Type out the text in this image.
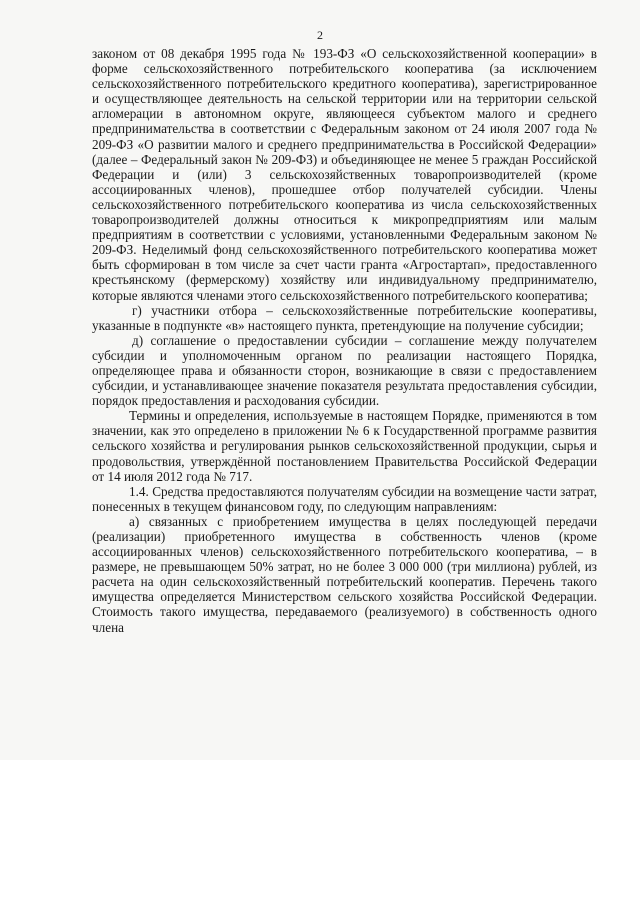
2

законом от 08 декабря 1995 года № 193-ФЗ «О сельскохозяйственной кооперации» в форме сельскохозяйственного потребительского кооператива (за исключением сельскохозяйственного потребительского кредитного кооператива), зарегистрированное и осуществляющее деятельность на сельской территории или на территории сельской агломерации в автономном округе, являющееся субъектом малого и среднего предпринимательства в соответствии с Федеральным законом от 24 июля 2007 года № 209-ФЗ «О развитии малого и среднего предпринимательства в Российской Федерации» (далее – Федеральный закон № 209-ФЗ) и объединяющее не менее 5 граждан Российской Федерации и (или) 3 сельскохозяйственных товаропроизводителей (кроме ассоциированных членов), прошедшее отбор получателей субсидии. Члены сельскохозяйственного потребительского кооператива из числа сельскохозяйственных товаропроизводителей должны относиться к микропредприятиям или малым предприятиям в соответствии с условиями, установленными Федеральным законом № 209-ФЗ. Неделимый фонд сельскохозяйственного потребительского кооператива может быть сформирован в том числе за счет части гранта «Агростартап», предоставленного крестьянскому (фермерскому) хозяйству или индивидуальному предпринимателю, которые являются членами этого сельскохозяйственного потребительского кооператива;

г) участники отбора – сельскохозяйственные потребительские кооперативы, указанные в подпункте «в» настоящего пункта, претендующие на получение субсидии;

д) соглашение о предоставлении субсидии – соглашение между получателем субсидии и уполномоченным органом по реализации настоящего Порядка, определяющее права и обязанности сторон, возникающие в связи с предоставлением субсидии, и устанавливающее значение показателя результата предоставления субсидии, порядок предоставления и расходования субсидии.

Термины и определения, используемые в настоящем Порядке, применяются в том значении, как это определено в приложении № 6 к Государственной программе развития сельского хозяйства и регулирования рынков сельскохозяйственной продукции, сырья и продовольствия, утверждённой постановлением Правительства Российской Федерации от 14 июля 2012 года № 717.

1.4. Средства предоставляются получателям субсидии на возмещение части затрат, понесенных в текущем финансовом году, по следующим направлениям:

а) связанных с приобретением имущества в целях последующей передачи (реализации) приобретенного имущества в собственность членов (кроме ассоциированных членов) сельскохозяйственного потребительского кооператива, – в размере, не превышающем 50% затрат, но не более 3 000 000 (три миллиона) рублей, из расчета на один сельскохозяйственный потребительский кооператив. Перечень такого имущества определяется Министерством сельского хозяйства Российской Федерации. Стоимость такого имущества, передаваемого (реализуемого) в собственность одного члена
